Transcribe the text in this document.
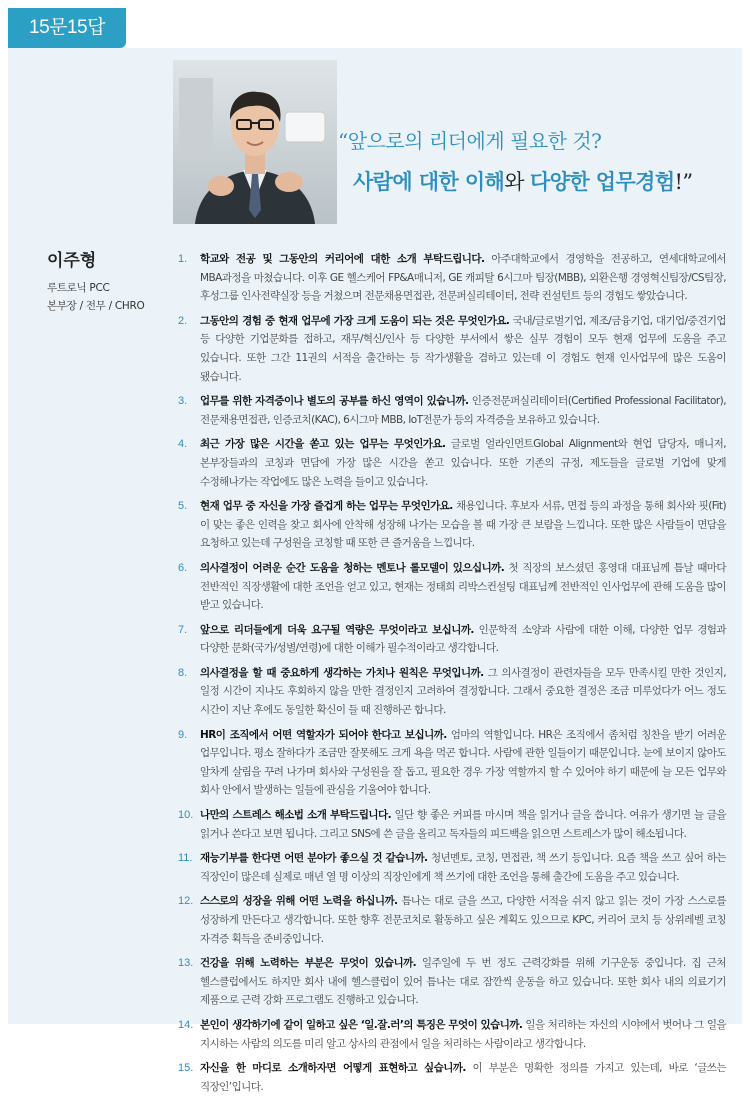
15문15답
“앞으로의 리더에게 필요한 것?
사람에 대한 이해와 다양한 업무경험!”
이주형
루트로닉 PCC
본부장 / 전무 / CHRO
1.	학교와 전공 및 그동안의 커리어에 대한 소개 부탁드립니다. 아주대학교에서 경영학을 전공하고, 연세대학교에서 MBA과정을 마쳤습니다. 이후 GE 헬스케어 FP&A매니저, GE 캐피탈 6시그마 팀장(MBB), 외환은행 경영혁신팀장/CS팀장, 후성그룹 인사전략실장 등을 거쳤으며 전문채용면접관, 전문퍼실리테이터, 전략 컨설턴트 등의 경험도 쌓았습니다.

2.	그동안의 경험 중 현재 업무에 가장 크게 도움이 되는 것은 무엇인가요. 국내/글로벌기업, 제조/금융기업, 대기업/중견기업 등 다양한 기업문화를 접하고, 재무/혁신/인사 등 다양한 부서에서 쌓은 실무 경험이 모두 현재 업무에 도움을 주고 있습니다. 또한 그간 11권의 서적을 출간하는 등 작가생활을 겸하고 있는데 이 경험도 현재 인사업무에 많은 도움이 됐습니다.

3.	업무를 위한 자격증이나 별도의 공부를 하신 영역이 있습니까. 인증전문퍼실리테이터(Certified Professional Facilitator), 전문채용면접관, 인증코치(KAC), 6시그마 MBB, IoT전문가 등의 자격증을 보유하고 있습니다.

4.	최근 가장 많은 시간을 쏟고 있는 업무는 무엇인가요. 글로벌 얼라인먼트Global Alignment와 현업 담당자, 매니저, 본부장들과의 코칭과 면담에 가장 많은 시간을 쏟고 있습니다. 또한 기존의 규정, 제도들을 글로벌 기업에 맞게 수정해나가는 작업에도 많은 노력을 들이고 있습니다.

5.	현재 업무 중 자신을 가장 즐겁게 하는 업무는 무엇인가요. 채용입니다. 후보자 서류, 면접 등의 과정을 통해 회사와 핏(Fit)이 맞는 좋은 인력을 찾고 회사에 안착해 성장해 나가는 모습을 볼 때 가장 큰 보람을 느낍니다. 또한 많은 사람들이 면담을 요청하고 있는데 구성원을 코칭할 때 또한 큰 즐거움을 느낍니다.

6.	의사결정이 어려운 순간 도움을 청하는 멘토나 롤모델이 있으십니까. 첫 직장의 보스셨던 홍영대 대표님께 틈날 때마다 전반적인 직장생활에 대한 조언을 얻고 있고, 현재는 정태희 리박스컨설팅 대표님께 전반적인 인사업무에 관해 도움을 많이 받고 있습니다.

7.	앞으로 리더들에게 더욱 요구될 역량은 무엇이라고 보십니까. 인문학적 소양과 사람에 대한 이해, 다양한 업무 경험과 다양한 문화(국가/성별/연령)에 대한 이해가 필수적이라고 생각합니다.

8.	의사결정을 할 때 중요하게 생각하는 가치나 원칙은 무엇입니까. 그 의사결정이 관련자들을 모두 만족시킬 만한 것인지, 일정 시간이 지나도 후회하지 않을 만한 결정인지 고려하여 결정합니다. 그래서 중요한 결정은 조금 미루었다가 어느 정도 시간이 지난 후에도 동일한 확신이 들 때 진행하곤 합니다.

9.	HR이 조직에서 어떤 역할자가 되어야 한다고 보십니까. 엄마의 역할입니다. HR은 조직에서 좀처럼 칭찬을 받기 어려운 업무입니다. 평소 잘하다가 조금만 잘못해도 크게 욕을 먹곤 합니다. 사람에 관한 일들이기 때문입니다. 눈에 보이지 않아도 알차게 살림을 꾸려 나가며 회사와 구성원을 잘 돕고, 필요한 경우 가장 역할까지 할 수 있어야 하기 때문에 늘 모든 업무와 회사 안에서 발생하는 일들에 관심을 기울여야 합니다.

10. 나만의 스트레스 해소법 소개 부탁드립니다. 일단 향 좋은 커피를 마시며 책을 읽거나 글을 씁니다. 여유가 생기면 늘 글을 읽거나 쓴다고 보면 됩니다. 그리고 SNS에 쓴 글을 올리고 독자들의 피드백을 읽으면 스트레스가 많이 해소됩니다.

11. 재능기부를 한다면 어떤 분야가 좋으실 것 같습니까. 청년멘토, 코칭, 면접관, 책 쓰기 등입니다. 요즘 책을 쓰고 싶어 하는 직장인이 많은데 실제로 매년 열 명 이상의 직장인에게 책 쓰기에 대한 조언을 통해 출간에 도움을 주고 있습니다.

12. 스스로의 성장을 위해 어떤 노력을 하십니까. 틈나는 대로 글을 쓰고, 다양한 서적을 쉬지 않고 읽는 것이 가장 스스로를 성장하게 만든다고 생각합니다. 또한 향후 전문코치로 활동하고 싶은 계획도 있으므로 KPC, 커리어 코치 등 상위레벨 코칭 자격증 획득을 준비중입니다.

13. 건강을 위해 노력하는 부분은 무엇이 있습니까. 일주일에 두 번 정도 근력강화를 위해 기구운동 중입니다. 집 근처 헬스클럽에서도 하지만 회사 내에 헬스클럽이 있어 틈나는 대로 잠깐씩 운동을 하고 있습니다. 또한 회사 내의 의료기기 제품으로 근력 강화 프로그램도 진행하고 있습니다.

14. 본인이 생각하기에 같이 일하고 싶은 ‘일.잘.러’의 특징은 무엇이 있습니까. 일을 처리하는 자신의 시야에서 벗어나 그 일을 지시하는 사람의 의도를 미리 알고 상사의 관점에서 일을 처리하는 사람이라고 생각합니다.

15. 자신을 한 마디로 소개하자면 어떻게 표현하고 싶습니까. 이 부분은 명확한 정의를 가지고 있는데, 바로 ‘글쓰는 직장인’입니다.
